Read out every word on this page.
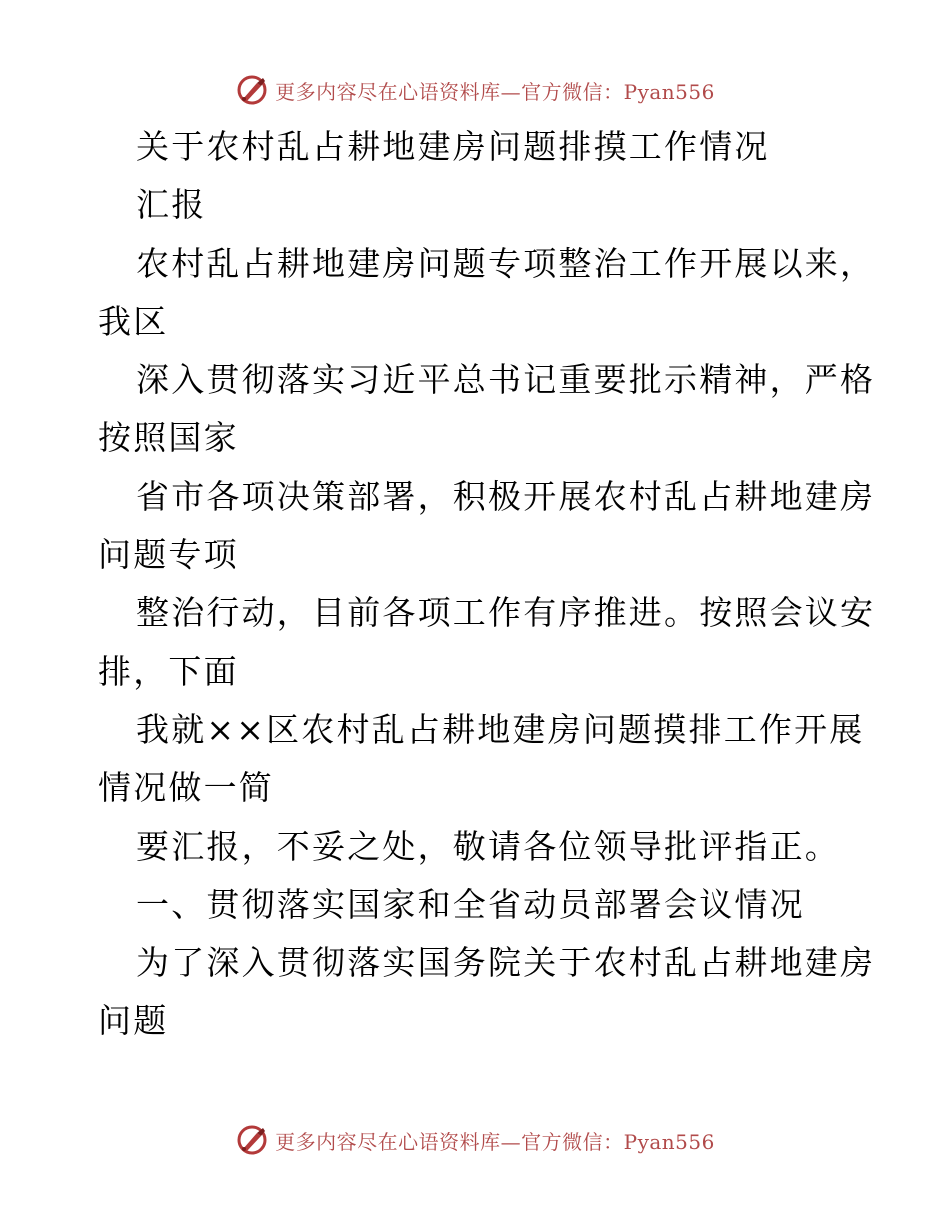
更多内容尽在心语资料库—官方微信：Pyan556
关于农村乱占耕地建房问题排摸工作情况
汇报
农村乱占耕地建房问题专项整治工作开展以来，
我区
深入贯彻落实习近平总书记重要批示精神，严格
按照国家
省市各项决策部署，积极开展农村乱占耕地建房
问题专项
整治行动，目前各项工作有序推进。按照会议安
排，下面
我就××区农村乱占耕地建房问题摸排工作开展
情况做一简
要汇报，不妥之处，敬请各位领导批评指正。
一、贯彻落实国家和全省动员部署会议情况
为了深入贯彻落实国务院关于农村乱占耕地建房
问题
更多内容尽在心语资料库—官方微信：Pyan556
